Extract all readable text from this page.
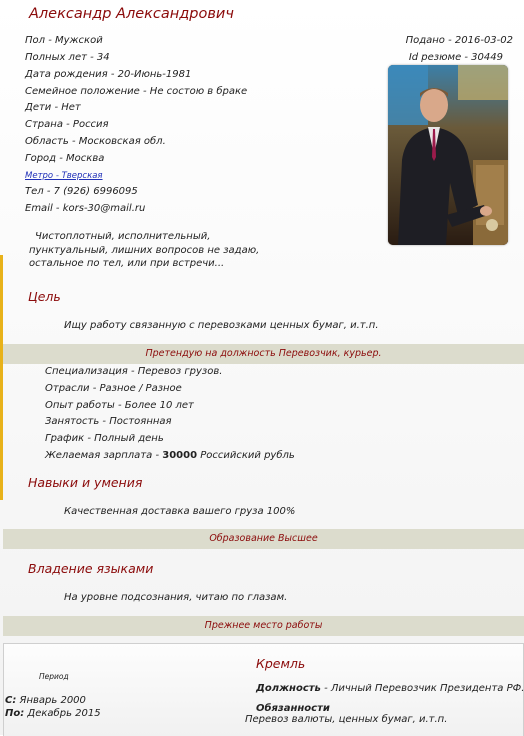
Александр Александрович
Подано - 2016-03-02
Id резюме - 30449
Пол - Мужской
Полных лет - 34
Дата рождения - 20-Июнь-1981
Семейное положение - Не состою в браке
Дети - Нет
Страна - Россия
Область - Московская обл.
Город - Москва
Метро - Тверская
Тел - 7 (926) 6996095
Email - kors-30@mail.ru
Чистоплотный, исполнительный,
пунктуальный, лишних вопросов не задаю,
остальное по тел, или при встречи...
Цель
Ищу работу связанную с перевозками ценных бумаг, и.т.п.
Претендую на должность Перевозчик, курьер.
Специализация - Перевоз грузов.
Отрасли - Разное / Разное
Опыт работы - Более 10 лет
Занятость - Постоянная
График - Полный день
Желаемая зарплата - 30000 Российский рубль
Навыки и умения
Качественная доставка вашего груза 100%
Образование Высшее
Владение языками
На уровне подсознания, читаю по глазам.
Прежнее место работы
Период
С: Январь 2000
По: Декабрь 2015
Кремль
Должность - Личный Перевозчик Президента РФ.
Обязанности
Перевоз валюты, ценных бумаг, и.т.п.
